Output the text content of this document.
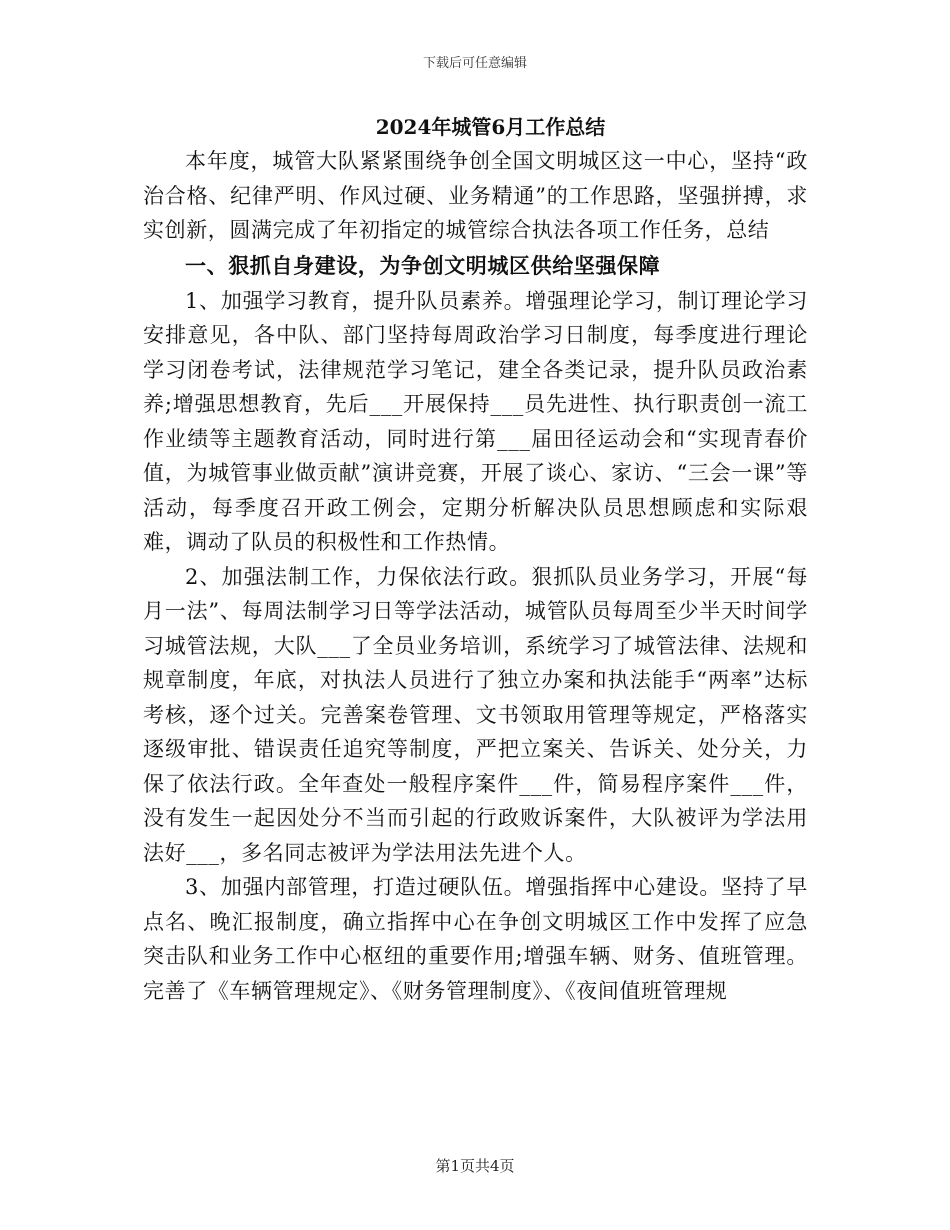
下载后可任意编辑
2024年城管6月工作总结

本年度，城管大队紧紧围绕争创全国文明城区这一中心，坚持“政治合格、纪律严明、作风过硬、业务精通”的工作思路，坚强拼搏，求实创新，圆满完成了年初指定的城管综合执法各项工作任务，总结

一、狠抓自身建设，为争创文明城区供给坚强保障

1、加强学习教育，提升队员素养。增强理论学习，制订理论学习安排意见，各中队、部门坚持每周政治学习日制度，每季度进行理论学习闭卷考试，法律规范学习笔记，建全各类记录，提升队员政治素养;增强思想教育，先后___开展保持___员先进性、执行职责创一流工作业绩等主题教育活动，同时进行第___届田径运动会和“实现青春价值，为城管事业做贡献”演讲竞赛，开展了谈心、家访、“三会一课”等活动，每季度召开政工例会，定期分析解决队员思想顾虑和实际艰难，调动了队员的积极性和工作热情。

2、加强法制工作，力保依法行政。狠抓队员业务学习，开展“每月一法”、每周法制学习日等学法活动，城管队员每周至少半天时间学习城管法规，大队___了全员业务培训，系统学习了城管法律、法规和规章制度，年底，对执法人员进行了独立办案和执法能手“两率”达标考核，逐个过关。完善案卷管理、文书领取用管理等规定，严格落实逐级审批、错误责任追究等制度，严把立案关、告诉关、处分关，力保了依法行政。全年查处一般程序案件___件，简易程序案件___件，没有发生一起因处分不当而引起的行政败诉案件，大队被评为学法用法好___，多名同志被评为学法用法先进个人。

3、加强内部管理，打造过硬队伍。增强指挥中心建设。坚持了早点名、晚汇报制度，确立指挥中心在争创文明城区工作中发挥了应急突击队和业务工作中心枢纽的重要作用;增强车辆、财务、值班管理。完善了《车辆管理规定》、《财务管理制度》、《夜间值班管理规

第1页共4页
